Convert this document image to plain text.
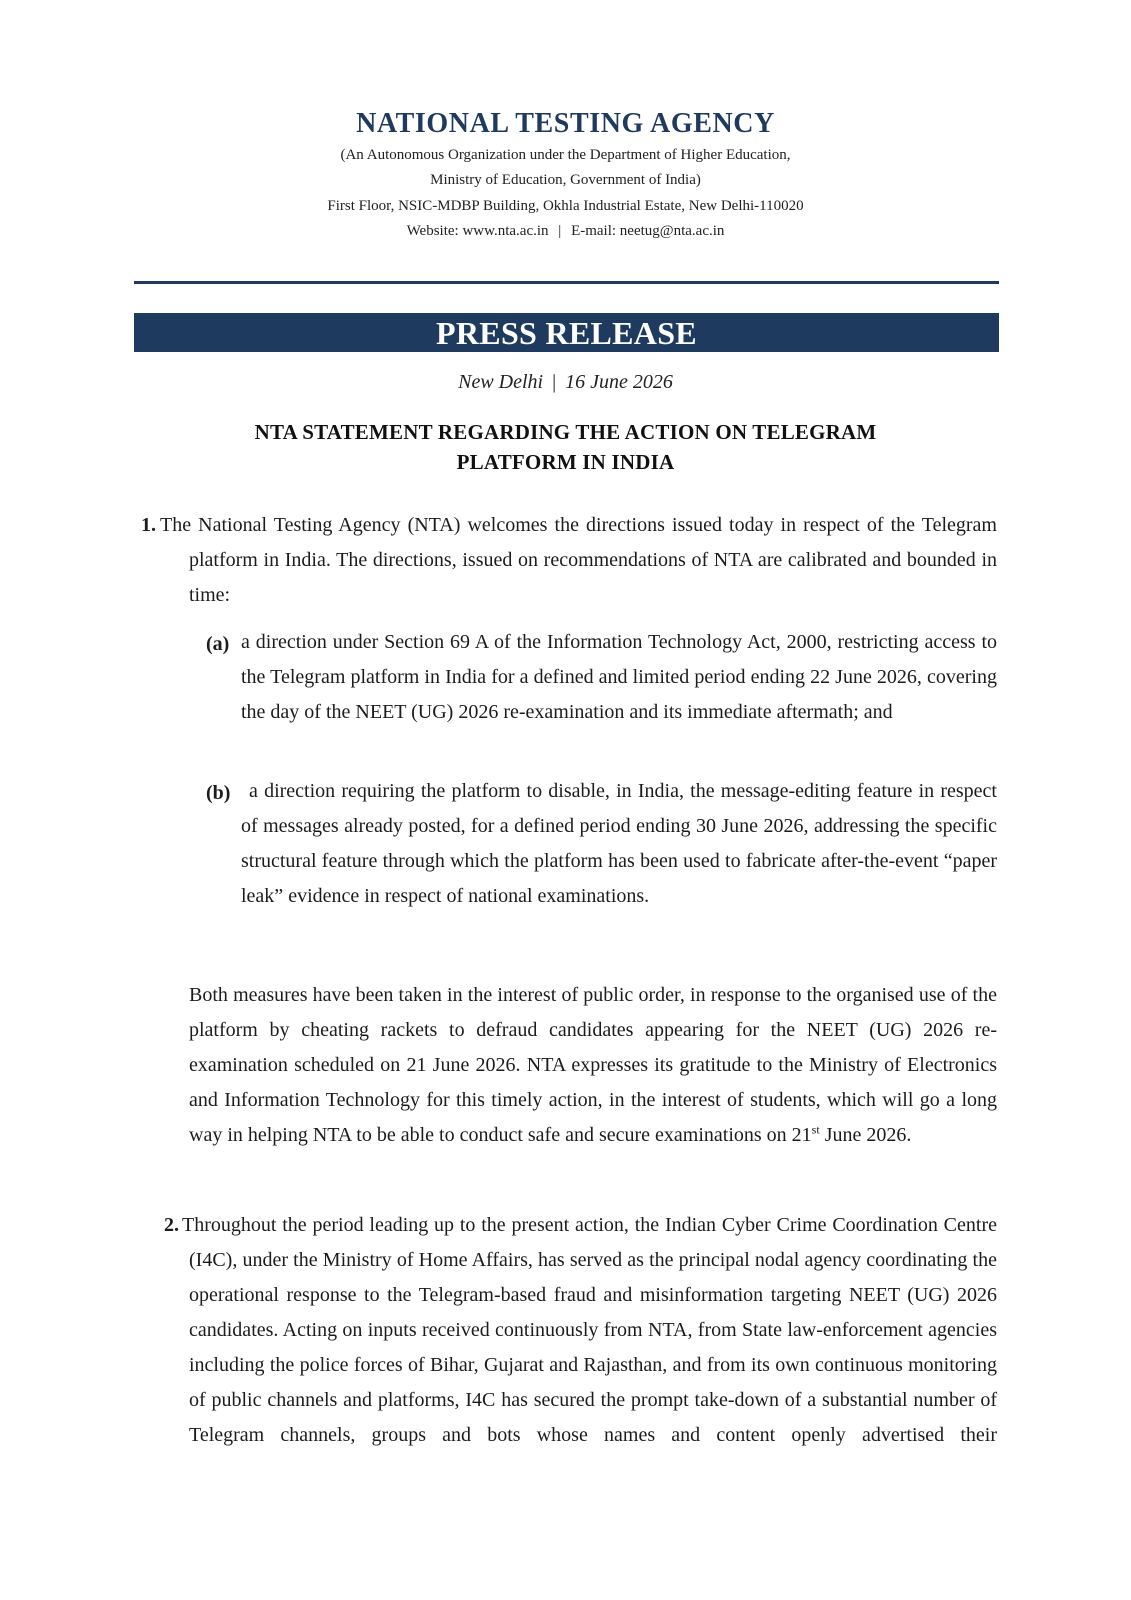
NATIONAL TESTING AGENCY
(An Autonomous Organization under the Department of Higher Education,
Ministry of Education, Government of India)
First Floor, NSIC-MDBP Building, Okhla Industrial Estate, New Delhi-110020
Website: www.nta.ac.in | E-mail: neetug@nta.ac.in
PRESS RELEASE
New Delhi | 16 June 2026
NTA STATEMENT REGARDING THE ACTION ON TELEGRAM
PLATFORM IN INDIA
1. The National Testing Agency (NTA) welcomes the directions issued today in respect of the Telegram platform in India. The directions, issued on recommendations of NTA are calibrated and bounded in time:
(a) a direction under Section 69 A of the Information Technology Act, 2000, restricting access to the Telegram platform in India for a defined and limited period ending 22 June 2026, covering the day of the NEET (UG) 2026 re-examination and its immediate aftermath; and
(b) a direction requiring the platform to disable, in India, the message-editing feature in respect of messages already posted, for a defined period ending 30 June 2026, addressing the specific structural feature through which the platform has been used to fabricate after-the-event “paper leak” evidence in respect of national examinations.
Both measures have been taken in the interest of public order, in response to the organised use of the platform by cheating rackets to defraud candidates appearing for the NEET (UG) 2026 re-examination scheduled on 21 June 2026. NTA expresses its gratitude to the Ministry of Electronics and Information Technology for this timely action, in the interest of students, which will go a long way in helping NTA to be able to conduct safe and secure examinations on 21st June 2026.
2. Throughout the period leading up to the present action, the Indian Cyber Crime Coordination Centre (I4C), under the Ministry of Home Affairs, has served as the principal nodal agency coordinating the operational response to the Telegram-based fraud and misinformation targeting NEET (UG) 2026 candidates. Acting on inputs received continuously from NTA, from State law-enforcement agencies including the police forces of Bihar, Gujarat and Rajasthan, and from its own continuous monitoring of public channels and platforms, I4C has secured the prompt take-down of a substantial number of Telegram channels, groups and bots whose names and content openly advertised their
